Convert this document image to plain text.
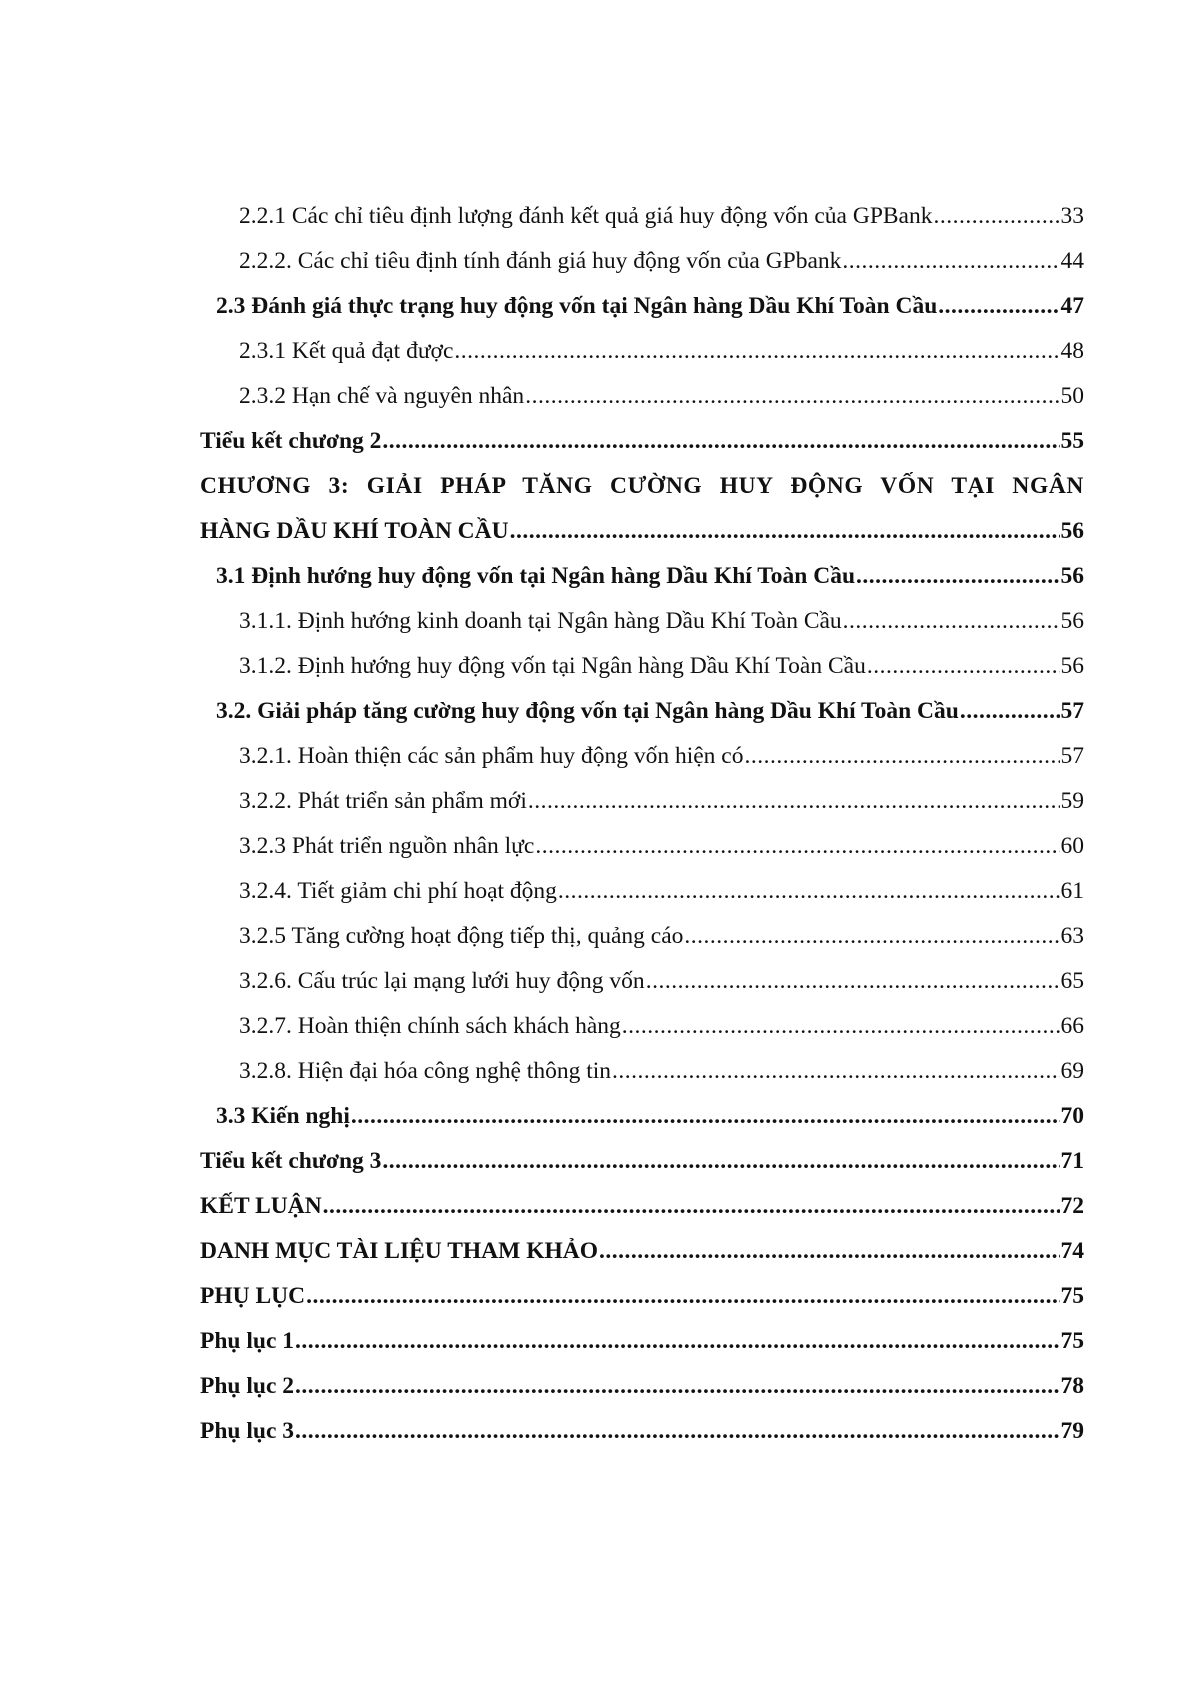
2.2.1 Các chỉ tiêu định lượng đánh kết quả giá huy động vốn của GPBank .....	33
2.2.2. Các chỉ tiêu định tính đánh giá huy động vốn của GPbank .....	44
2.3 Đánh giá thực trạng huy động vốn tại Ngân hàng Dầu Khí Toàn Cầu .....	47
2.3.1 Kết quả đạt được .....	48
2.3.2 Hạn chế và nguyên nhân .....	50
Tiểu kết chương 2 .....	55
CHƯƠNG 3: GIẢI PHÁP TĂNG CƯỜNG HUY ĐỘNG VỐN TẠI NGÂN
HÀNG DẦU KHÍ TOÀN CẦU .....	56
3.1 Định hướng huy động vốn tại Ngân hàng Dầu Khí Toàn Cầu .....	56
3.1.1. Định hướng kinh doanh tại Ngân hàng Dầu Khí Toàn Cầu .....	56
3.1.2. Định hướng huy động vốn tại Ngân hàng Dầu Khí Toàn Cầu .....	56
3.2. Giải pháp tăng cường huy động vốn tại Ngân hàng Dầu Khí Toàn Cầu .....	57
3.2.1. Hoàn thiện các sản phẩm huy động vốn hiện có .....	57
3.2.2. Phát triển sản phẩm mới .....	59
3.2.3 Phát triển nguồn nhân lực .....	60
3.2.4. Tiết giảm chi phí hoạt động .....	61
3.2.5 Tăng cường hoạt động tiếp thị, quảng cáo .....	63
3.2.6. Cấu trúc lại mạng lưới huy động vốn .....	65
3.2.7. Hoàn thiện chính sách khách hàng .....	66
3.2.8. Hiện đại hóa công nghệ thông tin .....	69
3.3 Kiến nghị .....	70
Tiểu kết chương 3 .....	71
KẾT LUẬN .....	72
DANH MỤC TÀI LIỆU THAM KHẢO .....	74
PHỤ LỤC .....	75
Phụ lục 1 .....	75
Phụ lục 2 .....	78
Phụ lục 3 .....	79
